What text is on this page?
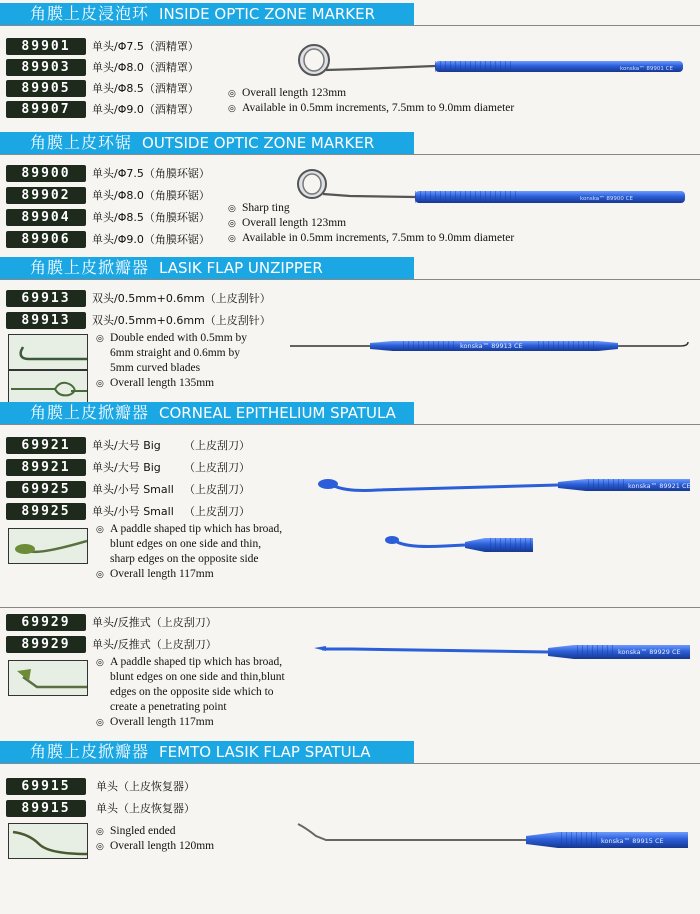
角膜上皮浸泡环 INSIDE OPTIC ZONE MARKER
89901	单头/Φ7.5（酒精罩）
89903	单头/Φ8.0（酒精罩）
89905	单头/Φ8.5（酒精罩）
89907	单头/Φ9.0（酒精罩）
◎ Overall length 123mm
◎ Available in 0.5mm increments, 7.5mm to 9.0mm diameter
konska™ 89901 CE
角膜上皮环锯 OUTSIDE OPTIC ZONE MARKER
89900	单头/Φ7.5（角膜环锯）
89902	单头/Φ8.0（角膜环锯）
89904	单头/Φ8.5（角膜环锯）
89906	单头/Φ9.0（角膜环锯）
◎ Sharp ting
◎ Overall length 123mm
◎ Available in 0.5mm increments, 7.5mm to 9.0mm diameter
konska™ 89900 CE
角膜上皮掀瓣器 LASIK FLAP UNZIPPER
69913	双头/0.5mm+0.6mm（上皮刮针）
89913	双头/0.5mm+0.6mm（上皮刮针）
◎ Double ended with 0.5mm by
6mm straight and 0.6mm by
5mm curved blades
◎ Overall length 135mm
konska™ 89913 CE
角膜上皮掀瓣器 CORNEAL EPITHELIUM SPATULA
69921	单头/大号 Big （上皮刮刀）
89921	单头/大号 Big （上皮刮刀）
69925	单头/小号 Small （上皮刮刀）
89925	单头/小号 Small （上皮刮刀）
◎ A paddle shaped tip which has broad,
blunt edges on one side and thin,
sharp edges on the opposite side
◎ Overall length 117mm
konska™ 89921 CE
69929	单头/反推式（上皮刮刀）
89929	单头/反推式（上皮刮刀）
◎ A paddle shaped tip which has broad,
blunt edges on one side and thin,blunt
edges on the opposite side which to
create a penetrating point
◎ Overall length 117mm
konska™ 89929 CE
角膜上皮掀瓣器 FEMTO LASIK FLAP SPATULA
69915	单头（上皮恢复器）
89915	单头（上皮恢复器）
◎ Singled ended
◎ Overall length 120mm	konska™ 89915 CE
